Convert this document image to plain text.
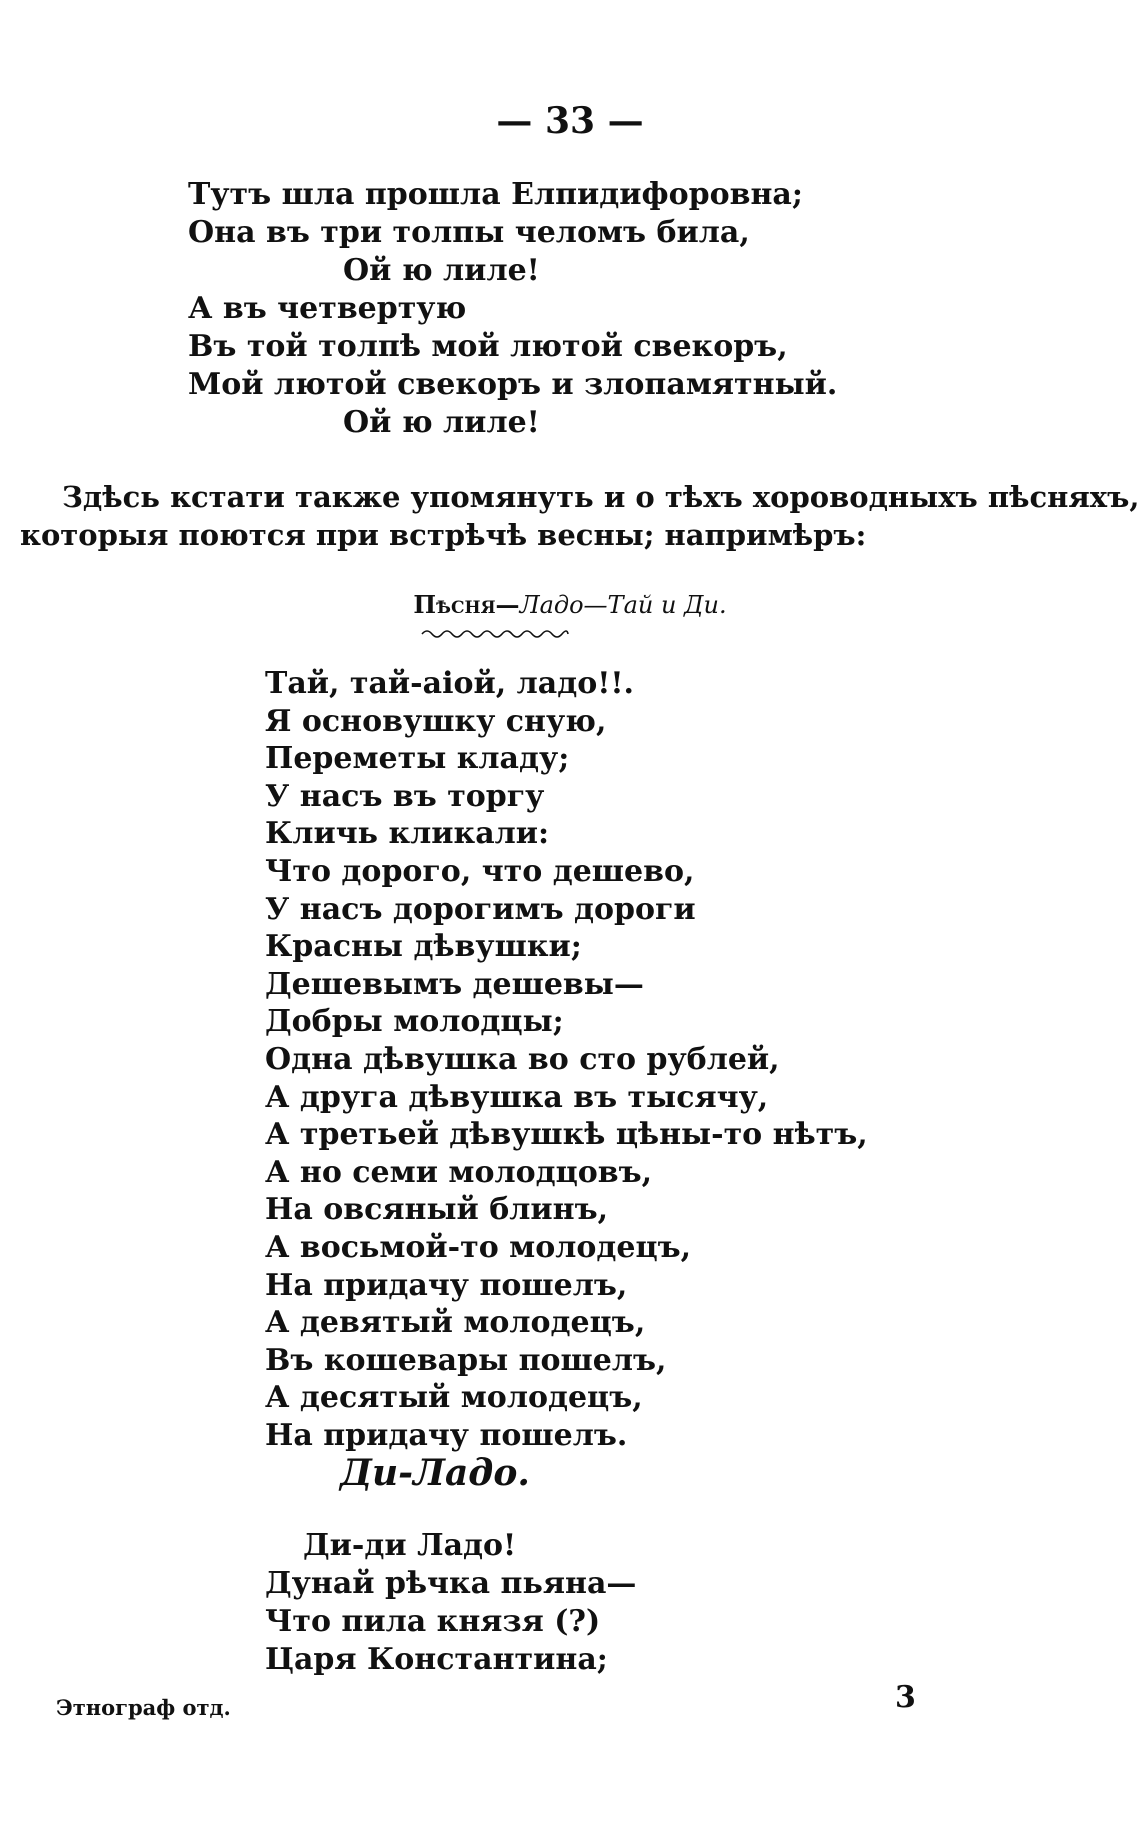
— 33 —
Тутъ шла прошла Елпидифоровна;
Она въ три толпы челомъ била,
Ой ю лиле!
А въ четвертую
Въ той толпѣ мой лютой свекоръ,
Мой лютой свекоръ и злопамятный.
Ой ю лиле!
Здѣсь кстати также упомянуть и о тѣхъ хороводныхъ пѣсняхъ,
которыя поются при встрѣчѣ весны; напримѣръ:
Пѣсня—Ладо—Тай и Ди.
Тай, тай-аіой, ладо!!.
Я основушку сную,
Переметы кладу;
У насъ въ торгу
Кличь кликали:
Что дорого, что дешево,
У насъ дорогимъ дороги
Красны дѣвушки;
Дешевымъ дешевы—
Добры молодцы;
Одна дѣвушка во сто рублей,
А друга дѣвушка въ тысячу,
А третьей дѣвушкѣ цѣны-то нѣтъ,
А но семи молодцовъ,
На овсяный блинъ,
А восьмой-то молодецъ,
На придачу пошелъ,
А девятый молодецъ,
Въ кошевары пошелъ,
А десятый молодецъ,
На придачу пошелъ.
Ди-Ладо.
Ди-ди Ладо!
Дунай рѣчка пьяна—
Что пила князя (?)
Царя Константина;
Этнограф отд.	3
